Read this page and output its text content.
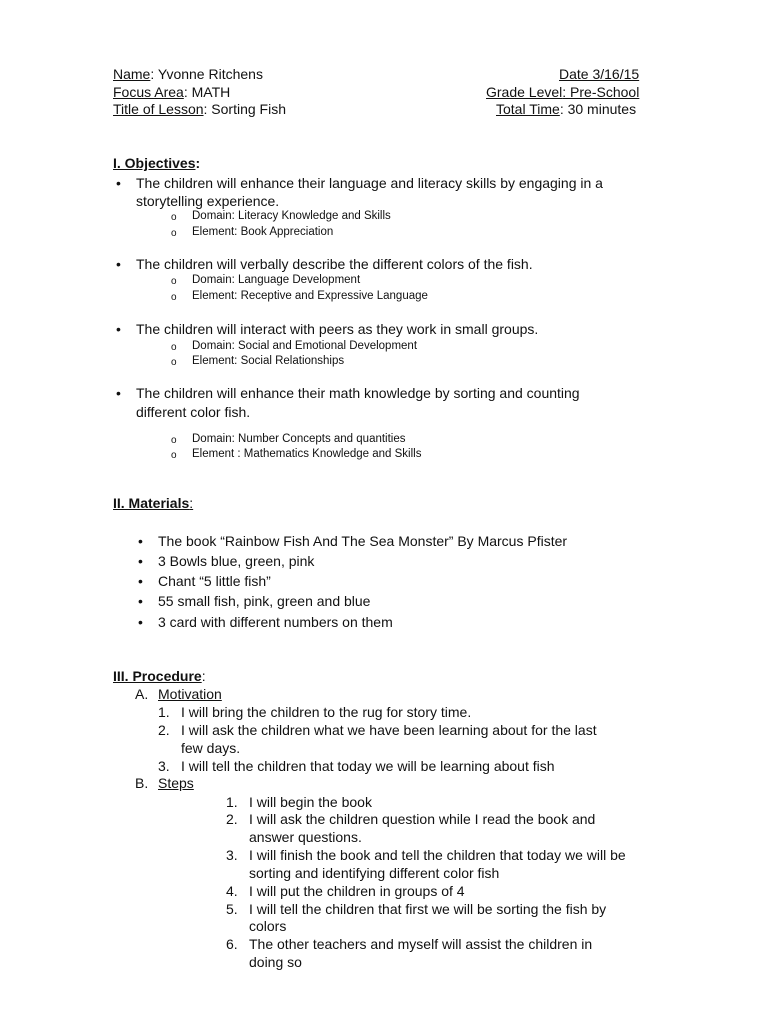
Name: Yvonne Ritchens	Date 3/16/15
Focus Area: MATH	Grade Level: Pre-School
Title of Lesson: Sorting Fish	Total Time: 30 minutes
I. Objectives:
• The children will enhance their language and literacy skills by engaging in a
storytelling experience.
o Domain: Literacy Knowledge and Skills
o Element: Book Appreciation
• The children will verbally describe the different colors of the fish.
o Domain: Language Development
o Element: Receptive and Expressive Language
• The children will interact with peers as they work in small groups.
o Domain: Social and Emotional Development
o Element: Social Relationships
• The children will enhance their math knowledge by sorting and counting
different color fish.
o Domain: Number Concepts and quantities
o Element : Mathematics Knowledge and Skills
II. Materials:
• The book “Rainbow Fish And The Sea Monster” By Marcus Pfister
• 3 Bowls blue, green, pink
• Chant “5 little fish”
• 55 small fish, pink, green and blue
• 3 card with different numbers on them
III. Procedure:
A. Motivation
1. I will bring the children to the rug for story time.
2. I will ask the children what we have been learning about for the last
few days.
3. I will tell the children that today we will be learning about fish
B. Steps
1. I will begin the book
2. I will ask the children question while I read the book and
answer questions.
3. I will finish the book and tell the children that today we will be
sorting and identifying different color fish
4. I will put the children in groups of 4
5. I will tell the children that first we will be sorting the fish by
colors
6. The other teachers and myself will assist the children in
doing so
